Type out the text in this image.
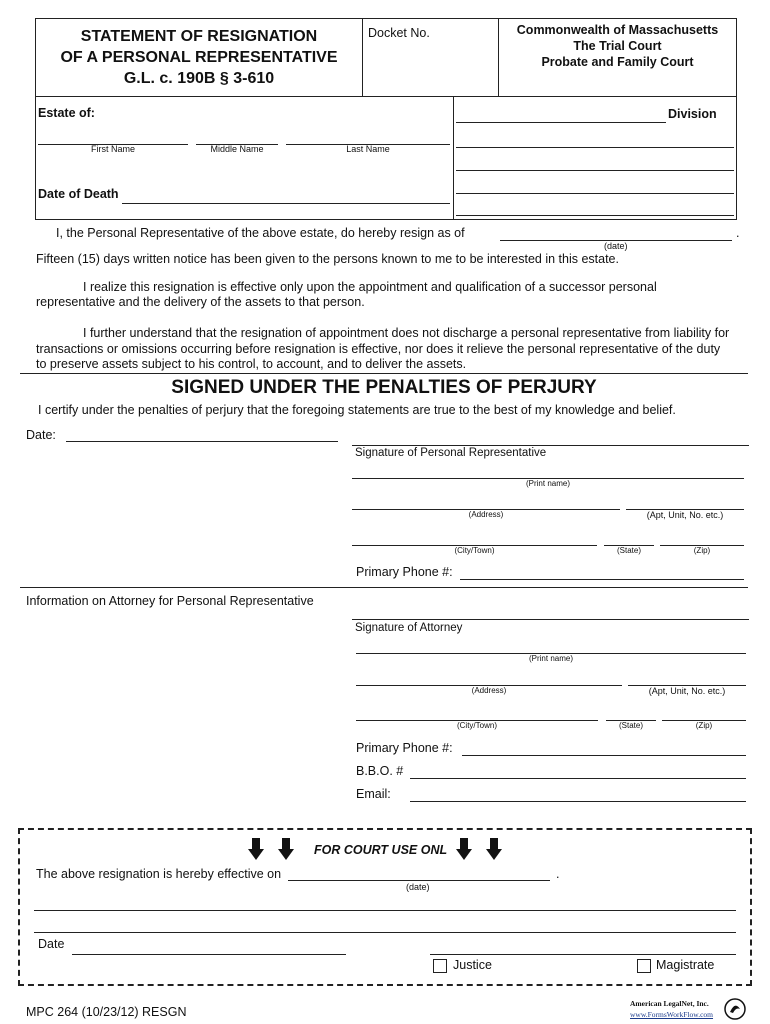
STATEMENT OF RESIGNATION
OF A PERSONAL REPRESENTATIVE
G.L. c. 190B § 3-610
Docket No.	Commonwealth of Massachusetts
The Trial Court
Probate and Family Court
Estate of:
First Name	Middle Name	Last Name
Date of Death
Division
I, the Personal Representative of the above estate, do hereby resign as of	.
(date)
Fifteen (15) days written notice has been given to the persons known to me to be interested in this estate.
I realize this resignation is effective only upon the appointment and qualification of a successor personal
representative and the delivery of the assets to that person.
I further understand that the resignation of appointment does not discharge a personal representative from liability for
transactions or omissions occurring before resignation is effective, nor does it relieve the personal representative of the duty
to preserve assets subject to his control, to account, and to deliver the assets.
SIGNED UNDER THE PENALTIES OF PERJURY
I certify under the penalties of perjury that the foregoing statements are true to the best of my knowledge and belief.
Date:
Signature of Personal Representative
(Print name)
(Address)	(Apt, Unit, No. etc.)
(City/Town)	(State)	(Zip)
Primary Phone #:
Information on Attorney for Personal Representative
Signature of Attorney
(Print name)
(Address)	(Apt, Unit, No. etc.)
(City/Town)	(State)	(Zip)
Primary Phone #:
B.B.O. #
Email:
FOR COURT USE ONL
The above resignation is hereby effective on	.
(date)
Date
Justice	Magistrate
MPC 264 (10/23/12) RESGN
American LegalNet, Inc.
www.FormsWorkFlow.com
